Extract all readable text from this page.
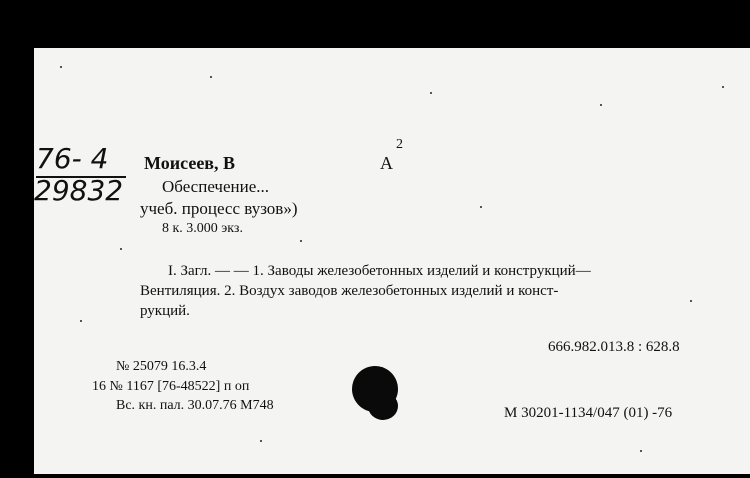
76- 4
29832
Моисеев, В	А
2
Обеспечение...
учеб. процесс вузов»)
8 к. 3.000 экз.
I. Загл. — — 1. Заводы железобетонных изделий и конструкций—
Вентиляция. 2. Воздух заводов железобетонных изделий и конст-
рукций.
666.982.013.8 : 628.8
№ 25079 16.3.4
16 № 1167 [76-48522] п оп
Вс. кн. пал. 30.07.76 М748	М 30201-1134/047 (01) -76
